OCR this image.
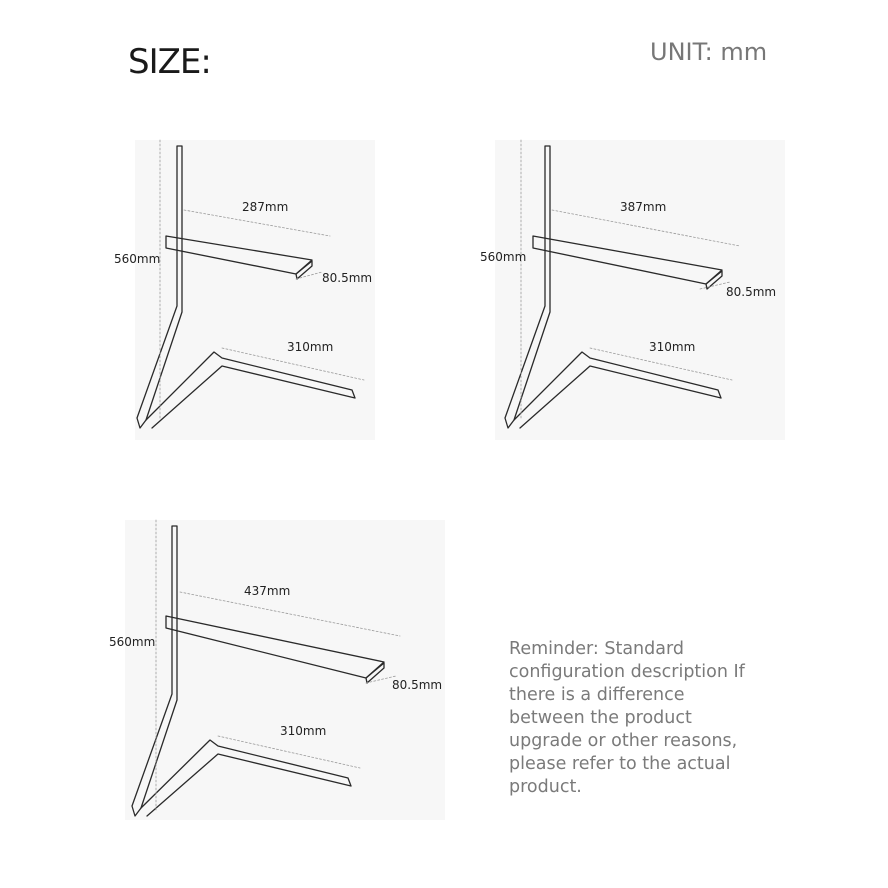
SIZE:	UNIT: mm
287mm
560mm
80.5mm
310mm
387mm
560mm
80.5mm
310mm
437mm
560mm
80.5mm
310mm
Reminder: Standard configuration description If there is a difference between the product upgrade or other reasons, please refer to the actual product.
